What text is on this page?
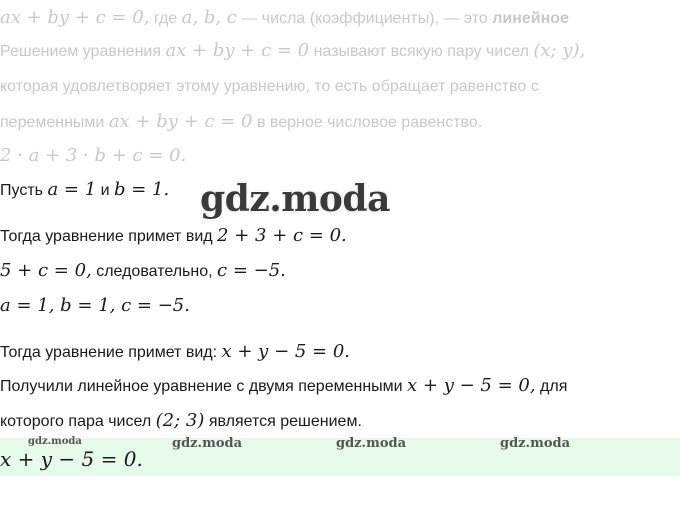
ax + by + c = 0, где a, b, c — числа (коэффициенты), — это линейное
Решением уравнения ax + by + c = 0 называют всякую пару чисел (x; y),
которая удовлетворяет этому уравнению, то есть обращает равенство с
переменными ax + by + c = 0 в верное числовое равенство.
2 · a + 3 · b + c = 0.
Пусть a = 1 и b = 1. gdz.moda
Тогда уравнение примет вид 2 + 3 + c = 0.
5 + c = 0, следовательно, c = −5.
a = 1, b = 1, c = −5.
Тогда уравнение примет вид: x + y − 5 = 0.
Получили линейное уравнение с двумя переменными x + y − 5 = 0, для
которого пара чисел (2; 3) является решением.
gdz.moda	gdz.moda	gdz.moda	gdz.moda
x + y − 5 = 0.
